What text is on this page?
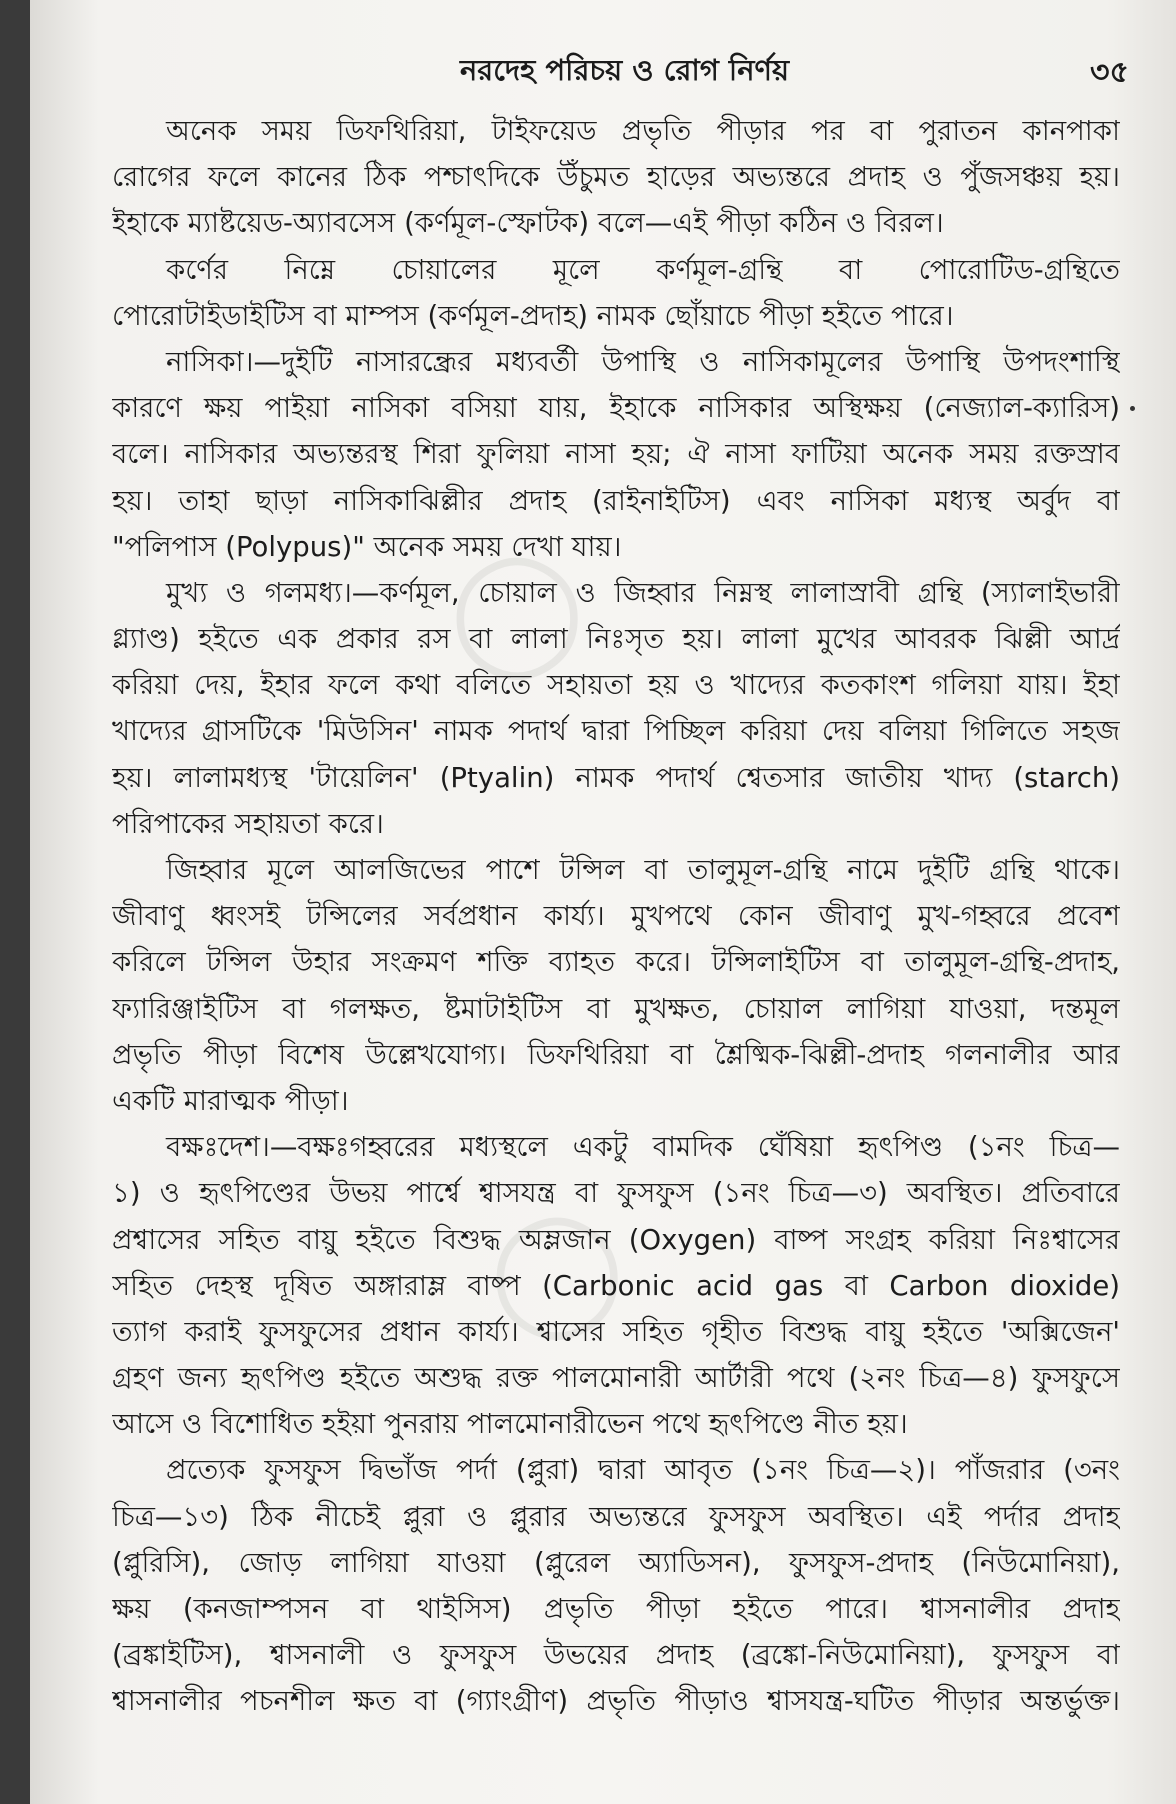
◯
◯
নরদেহ পরিচয় ও রোগ নির্ণয়	৩৫
অনেক সময় ডিফথিরিয়া, টাইফয়েড প্রভৃতি পীড়ার পর বা পুরাতন কানপাকা
রোগের ফলে কানের ঠিক পশ্চাৎদিকে উঁচুমত হাড়ের অভ্যন্তরে প্রদাহ ও পুঁজসঞ্চয় হয়।
ইহাকে ম্যাষ্টয়েড-অ্যাবসেস (কর্ণমূল-স্ফোটক) বলে—এই পীড়া কঠিন ও বিরল।
কর্ণের নিম্নে চোয়ালের মূলে কর্ণমূল-গ্রন্থি বা পোরোটিড-গ্রন্থিতে
পোরোটাইডাইটিস বা মাম্পস (কর্ণমূল-প্রদাহ) নামক ছোঁয়াচে পীড়া হইতে পারে।
নাসিকা।—দুইটি নাসারন্ধ্রের মধ্যবর্তী উপাস্থি ও নাসিকামূলের উপাস্থি উপদংশাস্থি
কারণে ক্ষয় পাইয়া নাসিকা বসিয়া যায়, ইহাকে নাসিকার অস্থিক্ষয় (নেজ্যাল-ক্যারিস)
বলে। নাসিকার অভ্যন্তরস্থ শিরা ফুলিয়া নাসা হয়; ঐ নাসা ফাটিয়া অনেক সময় রক্তস্রাব
হয়। তাহা ছাড়া নাসিকাঝিল্লীর প্রদাহ (রাইনাইটিস) এবং নাসিকা মধ্যস্থ অর্বুদ বা
"পলিপাস (Polypus)" অনেক সময় দেখা যায়।
মুখ্য ও গলমধ্য।—কর্ণমূল, চোয়াল ও জিহ্বার নিম্নস্থ লালাস্রাবী গ্রন্থি (স্যালাইভারী
গ্ল্যাণ্ড) হইতে এক প্রকার রস বা লালা নিঃসৃত হয়। লালা মুখের আবরক ঝিল্লী আর্দ্র
করিয়া দেয়, ইহার ফলে কথা বলিতে সহায়তা হয় ও খাদ্যের কতকাংশ গলিয়া যায়। ইহা
খাদ্যের গ্রাসটিকে 'মিউসিন' নামক পদার্থ দ্বারা পিচ্ছিল করিয়া দেয় বলিয়া গিলিতে সহজ
হয়। লালামধ্যস্থ 'টায়েলিন' (Ptyalin) নামক পদার্থ শ্বেতসার জাতীয় খাদ্য (starch)
পরিপাকের সহায়তা করে।
জিহ্বার মূলে আলজিভের পাশে টন্সিল বা তালুমূল-গ্রন্থি নামে দুইটি গ্রন্থি থাকে।
জীবাণু ধ্বংসই টন্সিলের সর্বপ্রধান কার্য্য। মুখপথে কোন জীবাণু মুখ-গহ্বরে প্রবেশ
করিলে টন্সিল উহার সংক্রমণ শক্তি ব্যাহত করে। টন্সিলাইটিস বা তালুমূল-গ্রন্থি-প্রদাহ,
ফ্যারিঞ্জাইটিস বা গলক্ষত, ষ্টমাটাইটিস বা মুখক্ষত, চোয়াল লাগিয়া যাওয়া, দন্তমূল
প্রভৃতি পীড়া বিশেষ উল্লেখযোগ্য। ডিফথিরিয়া বা শ্লৈষ্মিক-ঝিল্লী-প্রদাহ গলনালীর আর
একটি মারাত্মক পীড়া।
বক্ষঃদেশ।—বক্ষঃগহ্বরের মধ্যস্থলে একটু বামদিক ঘেঁষিয়া হৃৎপিণ্ড (১নং চিত্র—
১) ও হৃৎপিণ্ডের উভয় পার্শ্বে শ্বাসযন্ত্র বা ফুসফুস (১নং চিত্র—৩) অবস্থিত। প্রতিবারে
প্রশ্বাসের সহিত বায়ু হইতে বিশুদ্ধ অম্লজান (Oxygen) বাষ্প সংগ্রহ করিয়া নিঃশ্বাসের
সহিত দেহস্থ দূষিত অঙ্গারাম্ল বাষ্প (Carbonic acid gas বা Carbon dioxide)
ত্যাগ করাই ফুসফুসের প্রধান কার্য্য। শ্বাসের সহিত গৃহীত বিশুদ্ধ বায়ু হইতে 'অক্সিজেন'
গ্রহণ জন্য হৃৎপিণ্ড হইতে অশুদ্ধ রক্ত পালমোনারী আর্টারী পথে (২নং চিত্র—৪) ফুসফুসে
আসে ও বিশোধিত হইয়া পুনরায় পালমোনারীভেন পথে হৃৎপিণ্ডে নীত হয়।
প্রত্যেক ফুসফুস দ্বিভাঁজ পর্দা (প্লুরা) দ্বারা আবৃত (১নং চিত্র—২)। পাঁজরার (৩নং
চিত্র—১৩) ঠিক নীচেই প্লুরা ও প্লুরার অভ্যন্তরে ফুসফুস অবস্থিত। এই পর্দার প্রদাহ
(প্লুরিসি), জোড় লাগিয়া যাওয়া (প্লুরেল অ্যাডিসন), ফুসফুস-প্রদাহ (নিউমোনিয়া),
ক্ষয় (কনজাম্পসন বা থাইসিস) প্রভৃতি পীড়া হইতে পারে। শ্বাসনালীর প্রদাহ
(ব্রঙ্কাইটিস), শ্বাসনালী ও ফুসফুস উভয়ের প্রদাহ (ব্রঙ্কো-নিউমোনিয়া), ফুসফুস বা
শ্বাসনালীর পচনশীল ক্ষত বা (গ্যাংগ্রীণ) প্রভৃতি পীড়াও শ্বাসযন্ত্র-ঘটিত পীড়ার অন্তর্ভুক্ত।
